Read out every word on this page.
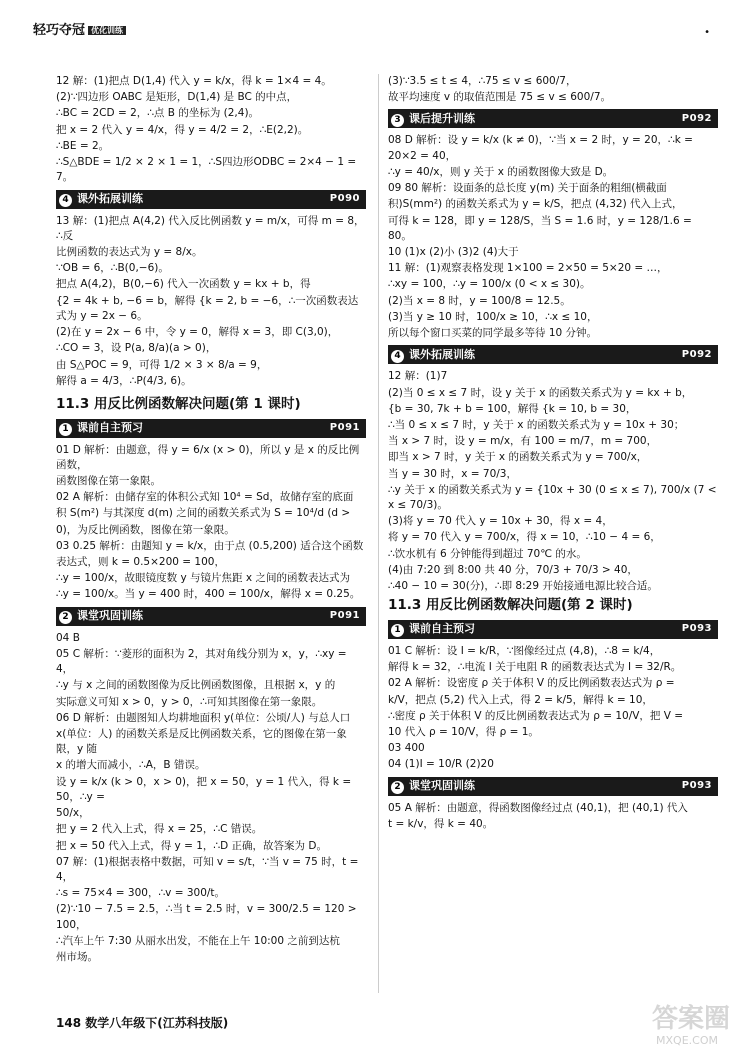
轻巧夺冠 优化训练	•

12 解：(1)把点 D(1,4) 代入 y = k/x，得 k = 1×4 = 4。

(2)∵四边形 OABC 是矩形，D(1,4) 是 BC 的中点，

∴BC = 2CD = 2，∴点 B 的坐标为 (2,4)。

把 x = 2 代入 y = 4/x，得 y = 4/2 = 2，∴E(2,2)。

∴BE = 2。

∴S△BDE = 1/2 × 2 × 1 = 1，∴S四边形ODBC = 2×4 − 1 = 7。

4 课外拓展训练	P090

13 解：(1)把点 A(4,2) 代入反比例函数 y = m/x，可得 m = 8，∴反

比例函数的表达式为 y = 8/x。

∵OB = 6，∴B(0,−6)。

把点 A(4,2)，B(0,−6) 代入一次函数 y = kx + b，得

{2 = 4k + b, −6 = b，解得 {k = 2, b = −6，∴一次函数表达式为 y = 2x − 6。

(2)在 y = 2x − 6 中，令 y = 0，解得 x = 3，即 C(3,0)，

∴CO = 3，设 P(a, 8/a)(a > 0)，

由 S△POC = 9，可得 1/2 × 3 × 8/a = 9，

解得 a = 4/3，∴P(4/3, 6)。

11.3 用反比例函数解决问题(第 1 课时)
1 课前自主预习	P091

01 D 解析：由题意，得 y = 6/x (x > 0)，所以 y 是 x 的反比例函数，

函数图像在第一象限。

02 A 解析：由储存室的体积公式知 10⁴ = Sd，故储存室的底面

积 S(m²) 与其深度 d(m) 之间的函数关系式为 S = 10⁴/d (d >

0)，为反比例函数，图像在第一象限。

03 0.25 解析：由题知 y = k/x，由于点 (0.5,200) 适合这个函数

表达式，则 k = 0.5×200 = 100，

∴y = 100/x，故眼镜度数 y 与镜片焦距 x 之间的函数表达式为

∴y = 100/x。当 y = 400 时，400 = 100/x，解得 x = 0.25。

2 课堂巩固训练	P091

04 B

05 C 解析：∵菱形的面积为 2，其对角线分别为 x，y，∴xy = 4，

∴y 与 x 之间的函数图像为反比例函数图像，且根据 x，y 的

实际意义可知 x > 0，y > 0，∴可知其图像在第一象限。

06 D 解析：由题图知人均耕地面积 y(单位：公顷/人) 与总人口

x(单位：人) 的函数关系是反比例函数关系，它的图像在第一象限，y 随

x 的增大而减小，∴A，B 错误。

设 y = k/x (k > 0，x > 0)，把 x = 50，y = 1 代入，得 k = 50，∴y =

50/x，

把 y = 2 代入上式，得 x = 25，∴C 错误。

把 x = 50 代入上式，得 y = 1，∴D 正确，故答案为 D。

07 解：(1)根据表格中数据，可知 v = s/t，∵当 v = 75 时，t = 4，

∴s = 75×4 = 300，∴v = 300/t。

(2)∵10 − 7.5 = 2.5，∴当 t = 2.5 时，v = 300/2.5 = 120 > 100，

∴汽车上午 7:30 从丽水出发，不能在上午 10:00 之前到达杭

州市场。

(3)∵3.5 ≤ t ≤ 4，∴75 ≤ v ≤ 600/7，

故平均速度 v 的取值范围是 75 ≤ v ≤ 600/7。

3 课后提升训练	P092

08 D 解析：设 y = k/x (k ≠ 0)，∵当 x = 2 时，y = 20，∴k = 20×2 = 40，

∴y = 40/x，则 y 关于 x 的函数图像大致是 D。

09 80 解析：设面条的总长度 y(m) 关于面条的粗细(横截面

积)S(mm²) 的函数关系式为 y = k/S，把点 (4,32) 代入上式，

可得 k = 128，即 y = 128/S，当 S = 1.6 时，y = 128/1.6 = 80。

10 (1)x (2)小 (3)2 (4)大于

11 解：(1)观察表格发现 1×100 = 2×50 = 5×20 = …，

∴xy = 100，∴y = 100/x (0 < x ≤ 30)。

(2)当 x = 8 时，y = 100/8 = 12.5。

(3)当 y ≥ 10 时，100/x ≥ 10，∴x ≤ 10，

所以每个窗口买菜的同学最多等待 10 分钟。

4 课外拓展训练	P092

12 解：(1)7

(2)当 0 ≤ x ≤ 7 时，设 y 关于 x 的函数关系式为 y = kx + b，

{b = 30, 7k + b = 100，解得 {k = 10, b = 30，

∴当 0 ≤ x ≤ 7 时，y 关于 x 的函数关系式为 y = 10x + 30；

当 x > 7 时，设 y = m/x，有 100 = m/7，m = 700，

即当 x > 7 时，y 关于 x 的函数关系式为 y = 700/x，

当 y = 30 时，x = 70/3，

∴y 关于 x 的函数关系式为 y = {10x + 30 (0 ≤ x ≤ 7), 700/x (7 < x ≤ 70/3)。

(3)将 y = 70 代入 y = 10x + 30，得 x = 4，

将 y = 70 代入 y = 700/x，得 x = 10，∴10 − 4 = 6，

∴饮水机有 6 分钟能得到超过 70℃ 的水。

(4)由 7:20 到 8:00 共 40 分，70/3 + 70/3 > 40，

∴40 − 10 = 30(分)，∴即 8:29 开始接通电源比较合适。

11.3 用反比例函数解决问题(第 2 课时)
1 课前自主预习	P093

01 C 解析：设 I = k/R，∵图像经过点 (4,8)，∴8 = k/4，

解得 k = 32，∴电流 I 关于电阻 R 的函数表达式为 I = 32/R。

02 A 解析：设密度 ρ 关于体积 V 的反比例函数表达式为 ρ =

k/V，把点 (5,2) 代入上式，得 2 = k/5，解得 k = 10，

∴密度 ρ 关于体积 V 的反比例函数表达式为 ρ = 10/V，把 V =

10 代入 ρ = 10/V，得 ρ = 1。

03 400

04 (1)I = 10/R (2)20

2 课堂巩固训练	P093

05 A 解析：由题意，得函数图像经过点 (40,1)，把 (40,1) 代入

t = k/v，得 k = 40。

148 数学八年级下(江苏科技版)	答案圈
MXQE.COM
